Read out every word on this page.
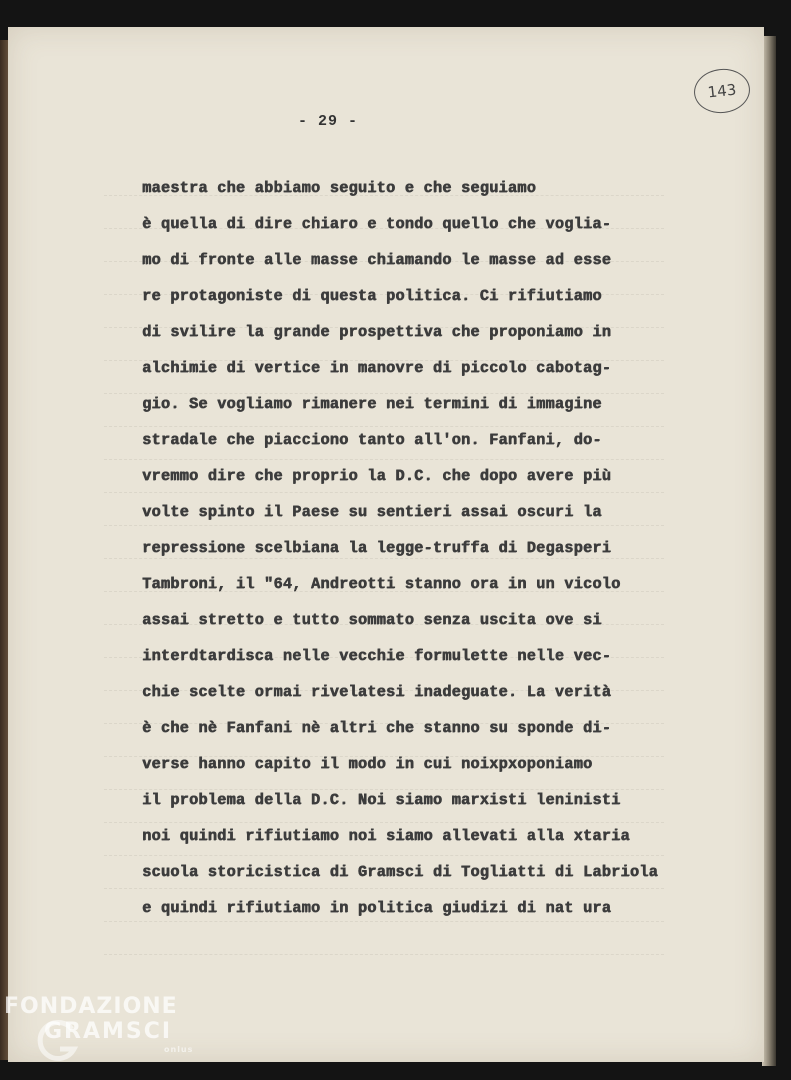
143
- 29 -
maestra che abbiamo seguito e che seguiamo
è quella di dire chiaro e tondo quello che voglia-
mo di fronte alle masse chiamando le masse ad esse
re protagoniste di questa politica. Ci rifiutiamo
di svilire la grande prospettiva che proponiamo in
alchimie di vertice in manovre di piccolo cabotag-
gio. Se vogliamo rimanere nei termini di immagine
stradale che piacciono tanto all'on. Fanfani, do-
vremmo dire che proprio la D.C. che dopo avere più
volte spinto il Paese su sentieri assai oscuri la
repressione scelbiana la legge-truffa di Degasperi
Tambroni, il "64, Andreotti stanno ora in un vicolo
assai stretto e tutto sommato senza uscita ove si
interdtardisca nelle vecchie formulette nelle vec-
chie scelte ormai rivelatesi inadeguate. La verità
è che nè Fanfani nè altri che stanno su sponde di-
verse hanno capito il modo in cui noixpxoponiamo
il problema della D.C. Noi siamo marxisti leninisti
noi quindi rifiutiamo noi siamo allevati alla xtaria
scuola storicistica di Gramsci di Togliatti di Labriola
e quindi rifiutiamo in politica giudizi di nat ura
FONDAZIONE
GRAMSCI
onlus
